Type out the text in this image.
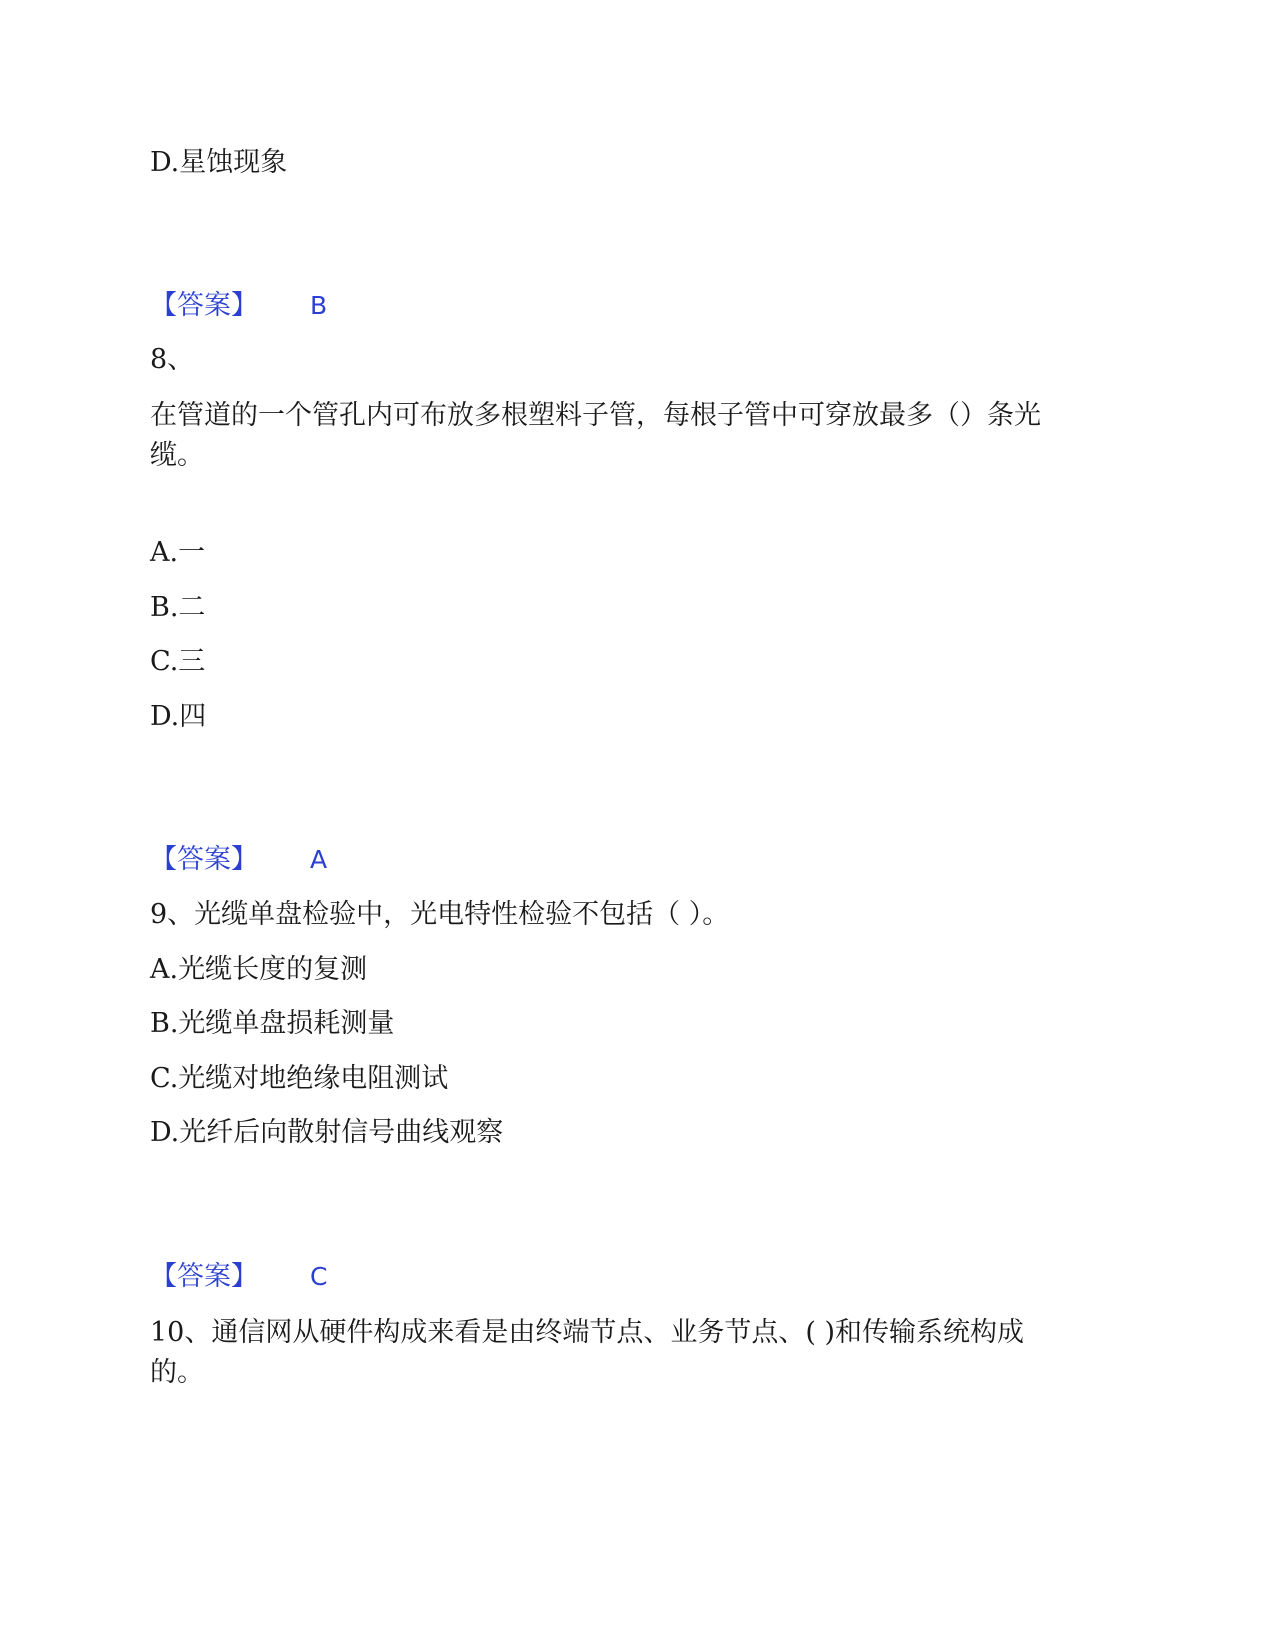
D.星蚀现象
【答案】 B
8、
在管道的一个管孔内可布放多根塑料子管，每根子管中可穿放最多（）条光
缆。
A.一
B.二
C.三
D.四
【答案】 A
9、光缆单盘检验中，光电特性检验不包括（ ）。
A.光缆长度的复测
B.光缆单盘损耗测量
C.光缆对地绝缘电阻测试
D.光纤后向散射信号曲线观察
【答案】 C
10、通信网从硬件构成来看是由终端节点、业务节点、( )和传输系统构成
的。
